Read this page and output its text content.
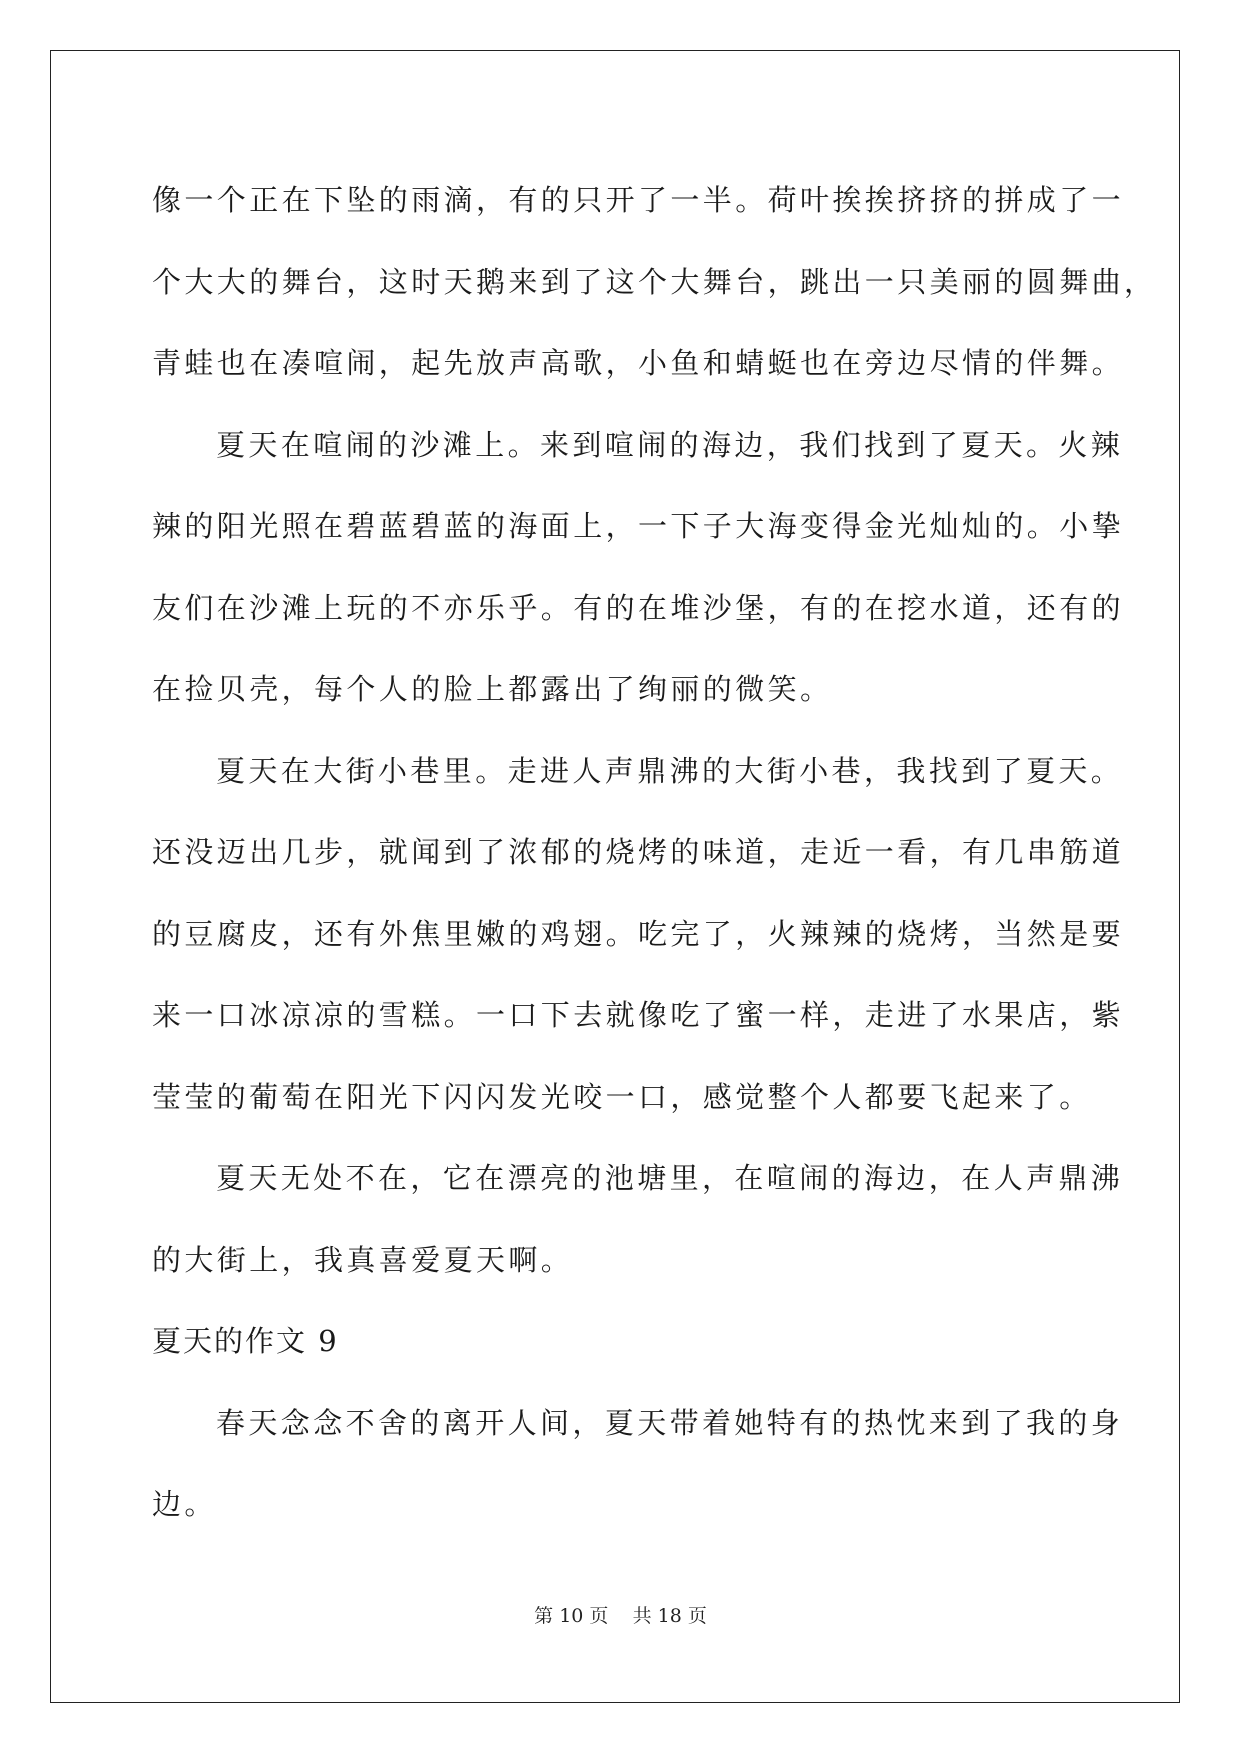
像一个正在下坠的雨滴，有的只开了一半。荷叶挨挨挤挤的拼成了一
个大大的舞台，这时天鹅来到了这个大舞台，跳出一只美丽的圆舞曲，
青蛙也在凑喧闹，起先放声高歌，小鱼和蜻蜓也在旁边尽情的伴舞。
夏天在喧闹的沙滩上。来到喧闹的海边，我们找到了夏天。火辣
辣的阳光照在碧蓝碧蓝的海面上，一下子大海变得金光灿灿的。小挚
友们在沙滩上玩的不亦乐乎。有的在堆沙堡，有的在挖水道，还有的
在捡贝壳，每个人的脸上都露出了绚丽的微笑。
夏天在大街小巷里。走进人声鼎沸的大街小巷，我找到了夏天。
还没迈出几步，就闻到了浓郁的烧烤的味道，走近一看，有几串筋道
的豆腐皮，还有外焦里嫩的鸡翅。吃完了，火辣辣的烧烤，当然是要
来一口冰凉凉的雪糕。一口下去就像吃了蜜一样，走进了水果店，紫
莹莹的葡萄在阳光下闪闪发光咬一口，感觉整个人都要飞起来了。
夏天无处不在，它在漂亮的池塘里，在喧闹的海边，在人声鼎沸
的大街上，我真喜爱夏天啊。
夏天的作文 9
春天念念不舍的离开人间，夏天带着她特有的热忱来到了我的身
边。
第 10 页    共 18 页
